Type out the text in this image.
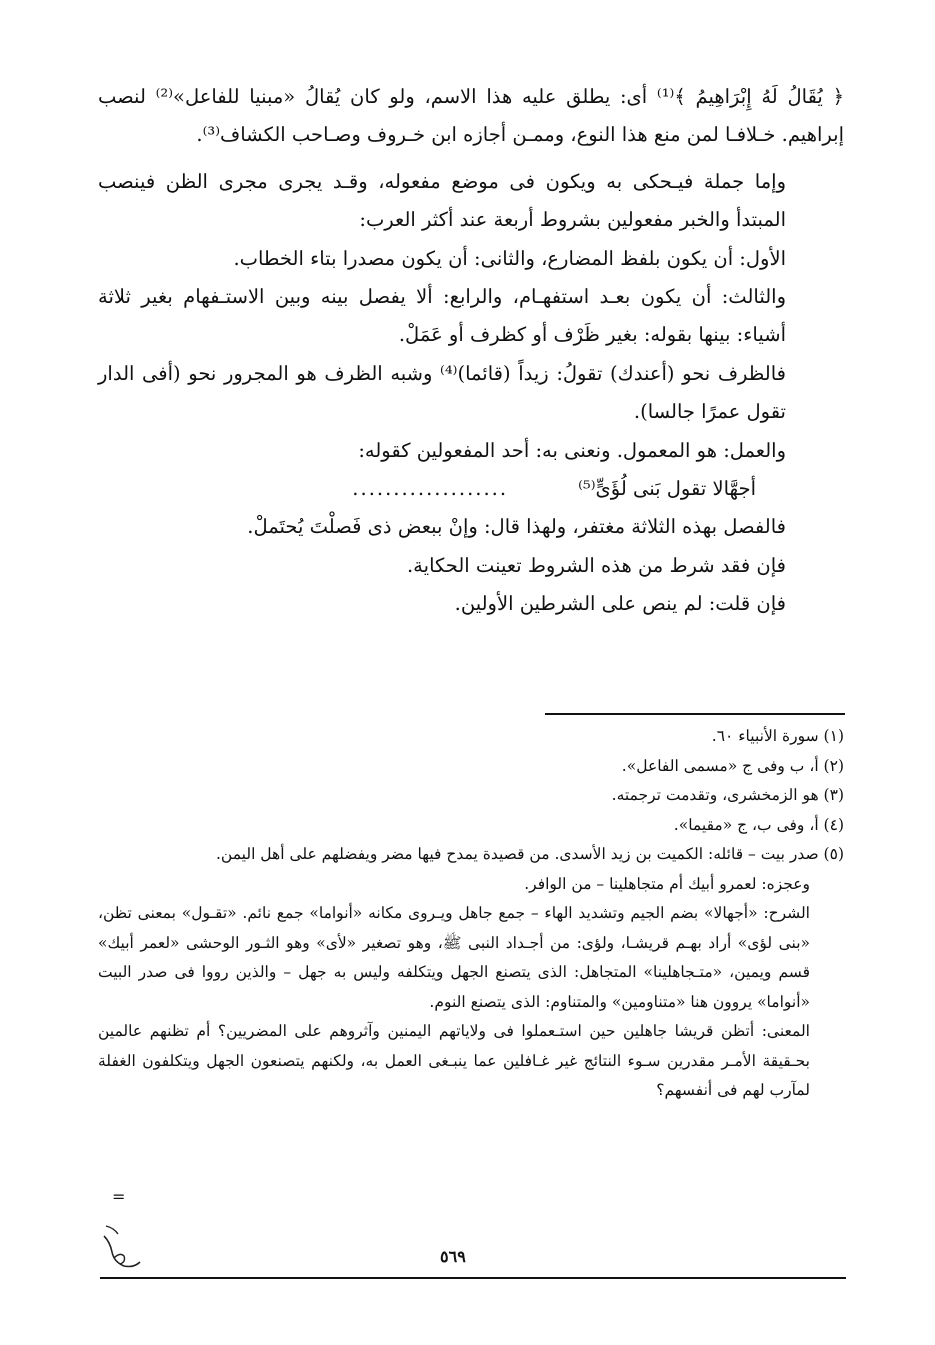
﴿ يُقَالُ لَهُ إِبْرَاهِيمُ ﴾⁽¹⁾ أى: يطلق عليه هذا الاسم، ولو كان يُقالُ «مبنيا للفاعل»⁽²⁾ لنصب إبراهيم. خـلافـا لمن منع هذا النوع، وممـن أجازه ابن خـروف وصـاحب الكشاف⁽³⁾.

وإما جملة فيـحكى به ويكون فى موضع مفعوله، وقـد يجرى مجرى الظن فينصب المبتدأ والخبر مفعولين بشروط أربعة عند أكثر العرب:

الأول: أن يكون بلفظ المضارع، والثانى: أن يكون مصدرا بتاء الخطاب.

والثالث: أن يكون بعـد استفهـام، والرابع: ألا يفصل بينه وبين الاستـفهام بغير ثلاثة أشياء: بينها بقوله: بغير ظَرْف أو كظرف أو عَمَلْ.

فالظرف نحو (أعندك) تقولُ: زيداً (قائما)⁽⁴⁾ وشبه الظرف هو المجرور نحو (أفى الدار تقول عمرًا جالسا).

والعمل: هو المعمول. ونعنى به: أحد المفعولين كقوله:

أجهَّالا تقول بَنى لُؤَىٍّ⁽⁵⁾...................

فالفصل بهذه الثلاثة مغتفر، ولهذا قال: وإنْ ببعض ذى فَصلْتَ يُحتَملْ.

فإن فقد شرط من هذه الشروط تعينت الحكاية.

فإن قلت: لم ينص على الشرطين الأولين.

(١) سورة الأنبياء ٦٠.

(٢) أ، ب وفى ج «مسمى الفاعل».

(٣) هو الزمخشرى، وتقدمت ترجمته.

(٤) أ، وفى ب، ج «مقيما».

(٥) صدر بيت – قائله: الكميت بن زيد الأسدى. من قصيدة يمدح فيها مضر ويفضلهم على أهل اليمن.

وعجزه: لعمرو أبيك أم متجاهلينا – من الوافر.

الشرح: «أجهالا» بضم الجيم وتشديد الهاء – جمع جاهل ويـروى مكانه «أنواما» جمع نائم. «تقـول» بمعنى تظن، «بنى لؤى» أراد بهـم قريشـا، ولؤى: من أجـداد النبى ﷺ، وهو تصغير «لأى» وهو الثـور الوحشى «لعمر أبيك» قسم ويمين، «متـجاهلينا» المتجاهل: الذى يتصنع الجهل ويتكلفه وليس به جهل – والذين رووا فى صدر البيت «أنواما» يروون هنا «متناومين» والمتناوم: الذى يتصنع النوم.

المعنى: أتظن قريشا جاهلين حين استـعملوا فى ولاياتهم اليمنين وآثروهم على المضريين؟ أم تظنهم عالمين بحـقيقة الأمـر مقدرين سـوء النتائج غير غـافلين عما ينبـغى العمل به، ولكنهم يتصنعون الجهل ويتكلفون الغفلة لمآرب لهم فى أنفسهم؟

=
٥٦٩
